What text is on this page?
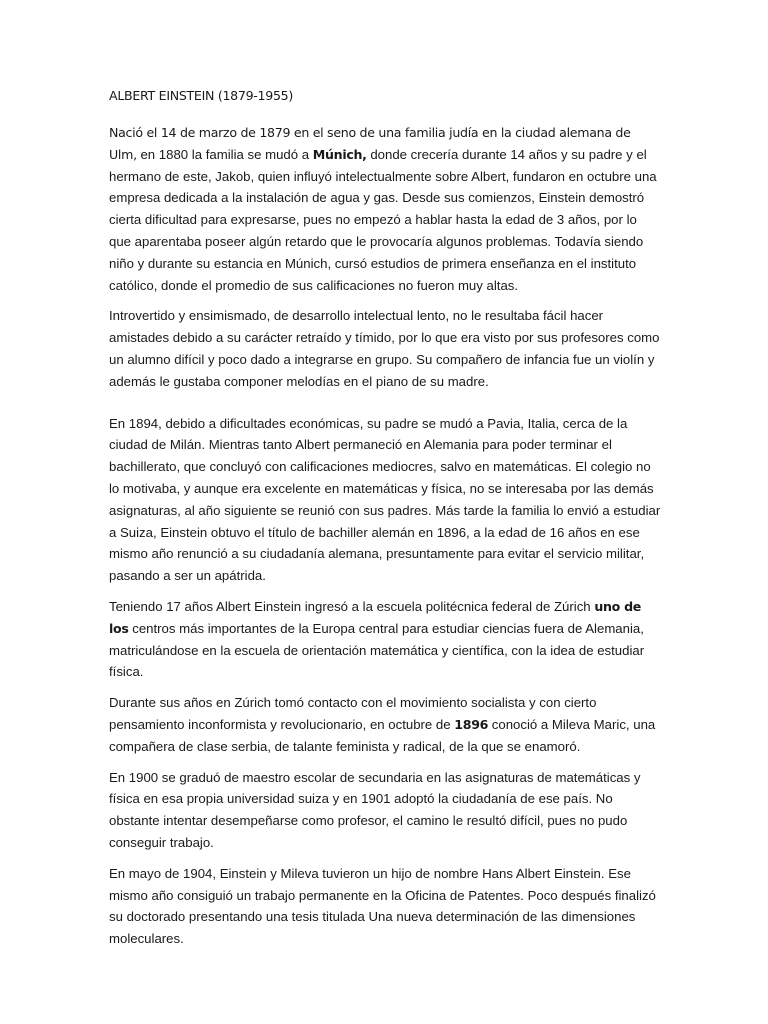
ALBERT EINSTEIN (1879-1955)

Nació el 14 de marzo de 1879 en el seno de una familia judía en la ciudad alemana de Ulm, en 1880 la familia se mudó a Múnich, donde crecería durante 14 años y su padre y el hermano de este, Jakob, quien influyó intelectualmente sobre Albert, fundaron en octubre una empresa dedicada a la instalación de agua y gas. Desde sus comienzos, Einstein demostró cierta dificultad para expresarse, pues no empezó a hablar hasta la edad de 3 años, por lo que aparentaba poseer algún retardo que le provocaría algunos problemas. Todavía siendo niño y durante su estancia en Múnich, cursó estudios de primera enseñanza en el instituto católico, donde el promedio de sus calificaciones no fueron muy altas.

Introvertido y ensimismado, de desarrollo intelectual lento, no le resultaba fácil hacer amistades debido a su carácter retraído y tímido, por lo que era visto por sus profesores como un alumno difícil y poco dado a integrarse en grupo. Su compañero de infancia fue un violín y además le gustaba componer melodías en el piano de su madre.

En 1894, debido a dificultades económicas, su padre se mudó a Pavia, Italia, cerca de la ciudad de Milán. Mientras tanto Albert permaneció en Alemania para poder terminar el bachillerato, que concluyó con calificaciones mediocres, salvo en matemáticas. El colegio no lo motivaba, y aunque era excelente en matemáticas y física, no se interesaba por las demás asignaturas, al año siguiente se reunió con sus padres. Más tarde la familia lo envió a estudiar a Suiza, Einstein obtuvo el título de bachiller alemán en 1896, a la edad de 16 años en ese mismo año renunció a su ciudadanía alemana, presuntamente para evitar el servicio militar, pasando a ser un apátrida.

Teniendo 17 años Albert Einstein ingresó a la escuela politécnica federal de Zúrich uno de los centros más importantes de la Europa central para estudiar ciencias fuera de Alemania, matriculándose en la escuela de orientación matemática y científica, con la idea de estudiar física.

Durante sus años en Zúrich tomó contacto con el movimiento socialista y con cierto pensamiento inconformista y revolucionario, en octubre de 1896 conoció a Mileva Maric, una compañera de clase serbia, de talante feminista y radical, de la que se enamoró.

En 1900 se graduó de maestro escolar de secundaria en las asignaturas de matemáticas y física en esa propia universidad suiza y en 1901 adoptó la ciudadanía de ese país. No obstante intentar desempeñarse como profesor, el camino le resultó difícil, pues no pudo conseguir trabajo.

En mayo de 1904, Einstein y Mileva tuvieron un hijo de nombre Hans Albert Einstein. Ese mismo año consiguió un trabajo permanente en la Oficina de Patentes. Poco después finalizó su doctorado presentando una tesis titulada Una nueva determinación de las dimensiones moleculares.
